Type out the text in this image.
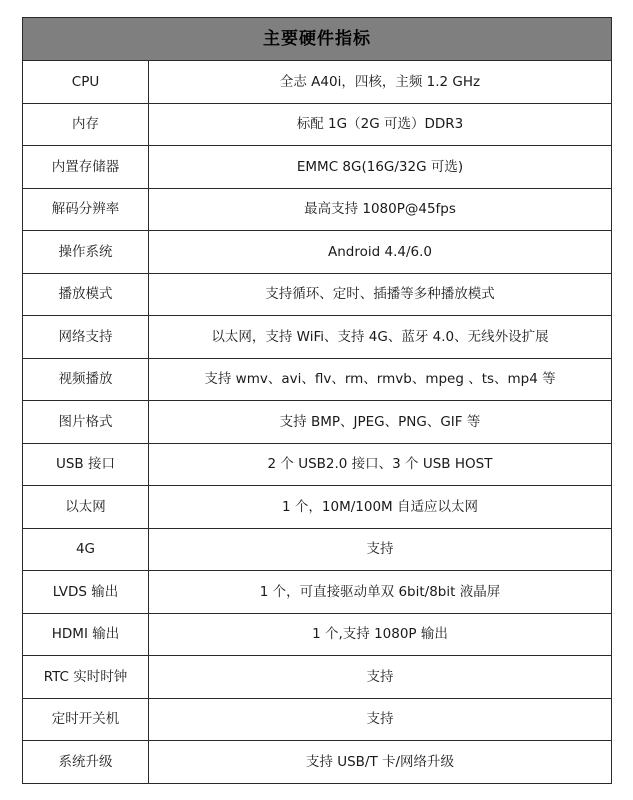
主要硬件指标	
CPU	全志 A40i，四核，主频 1.2 GHz
内存	标配 1G（2G 可选）DDR3
内置存储器	EMMC 8G(16G/32G 可选)
解码分辨率	最高支持 1080P@45fps
操作系统	Android 4.4/6.0
播放模式	支持循环、定时、插播等多种播放模式
网络支持	以太网，支持 WiFi、支持 4G、蓝牙 4.0、无线外设扩展
视频播放	支持 wmv、avi、flv、rm、rmvb、mpeg 、ts、mp4 等
图片格式	支持 BMP、JPEG、PNG、GIF 等
USB 接口	2 个 USB2.0 接口、3 个 USB HOST
以太网	1 个，10M/100M 自适应以太网
4G	支持
LVDS 输出	1 个，可直接驱动单双 6bit/8bit 液晶屏
HDMI 输出	1 个,支持 1080P 输出
RTC 实时时钟	支持
定时开关机	支持
系统升级	支持 USB/T 卡/网络升级
